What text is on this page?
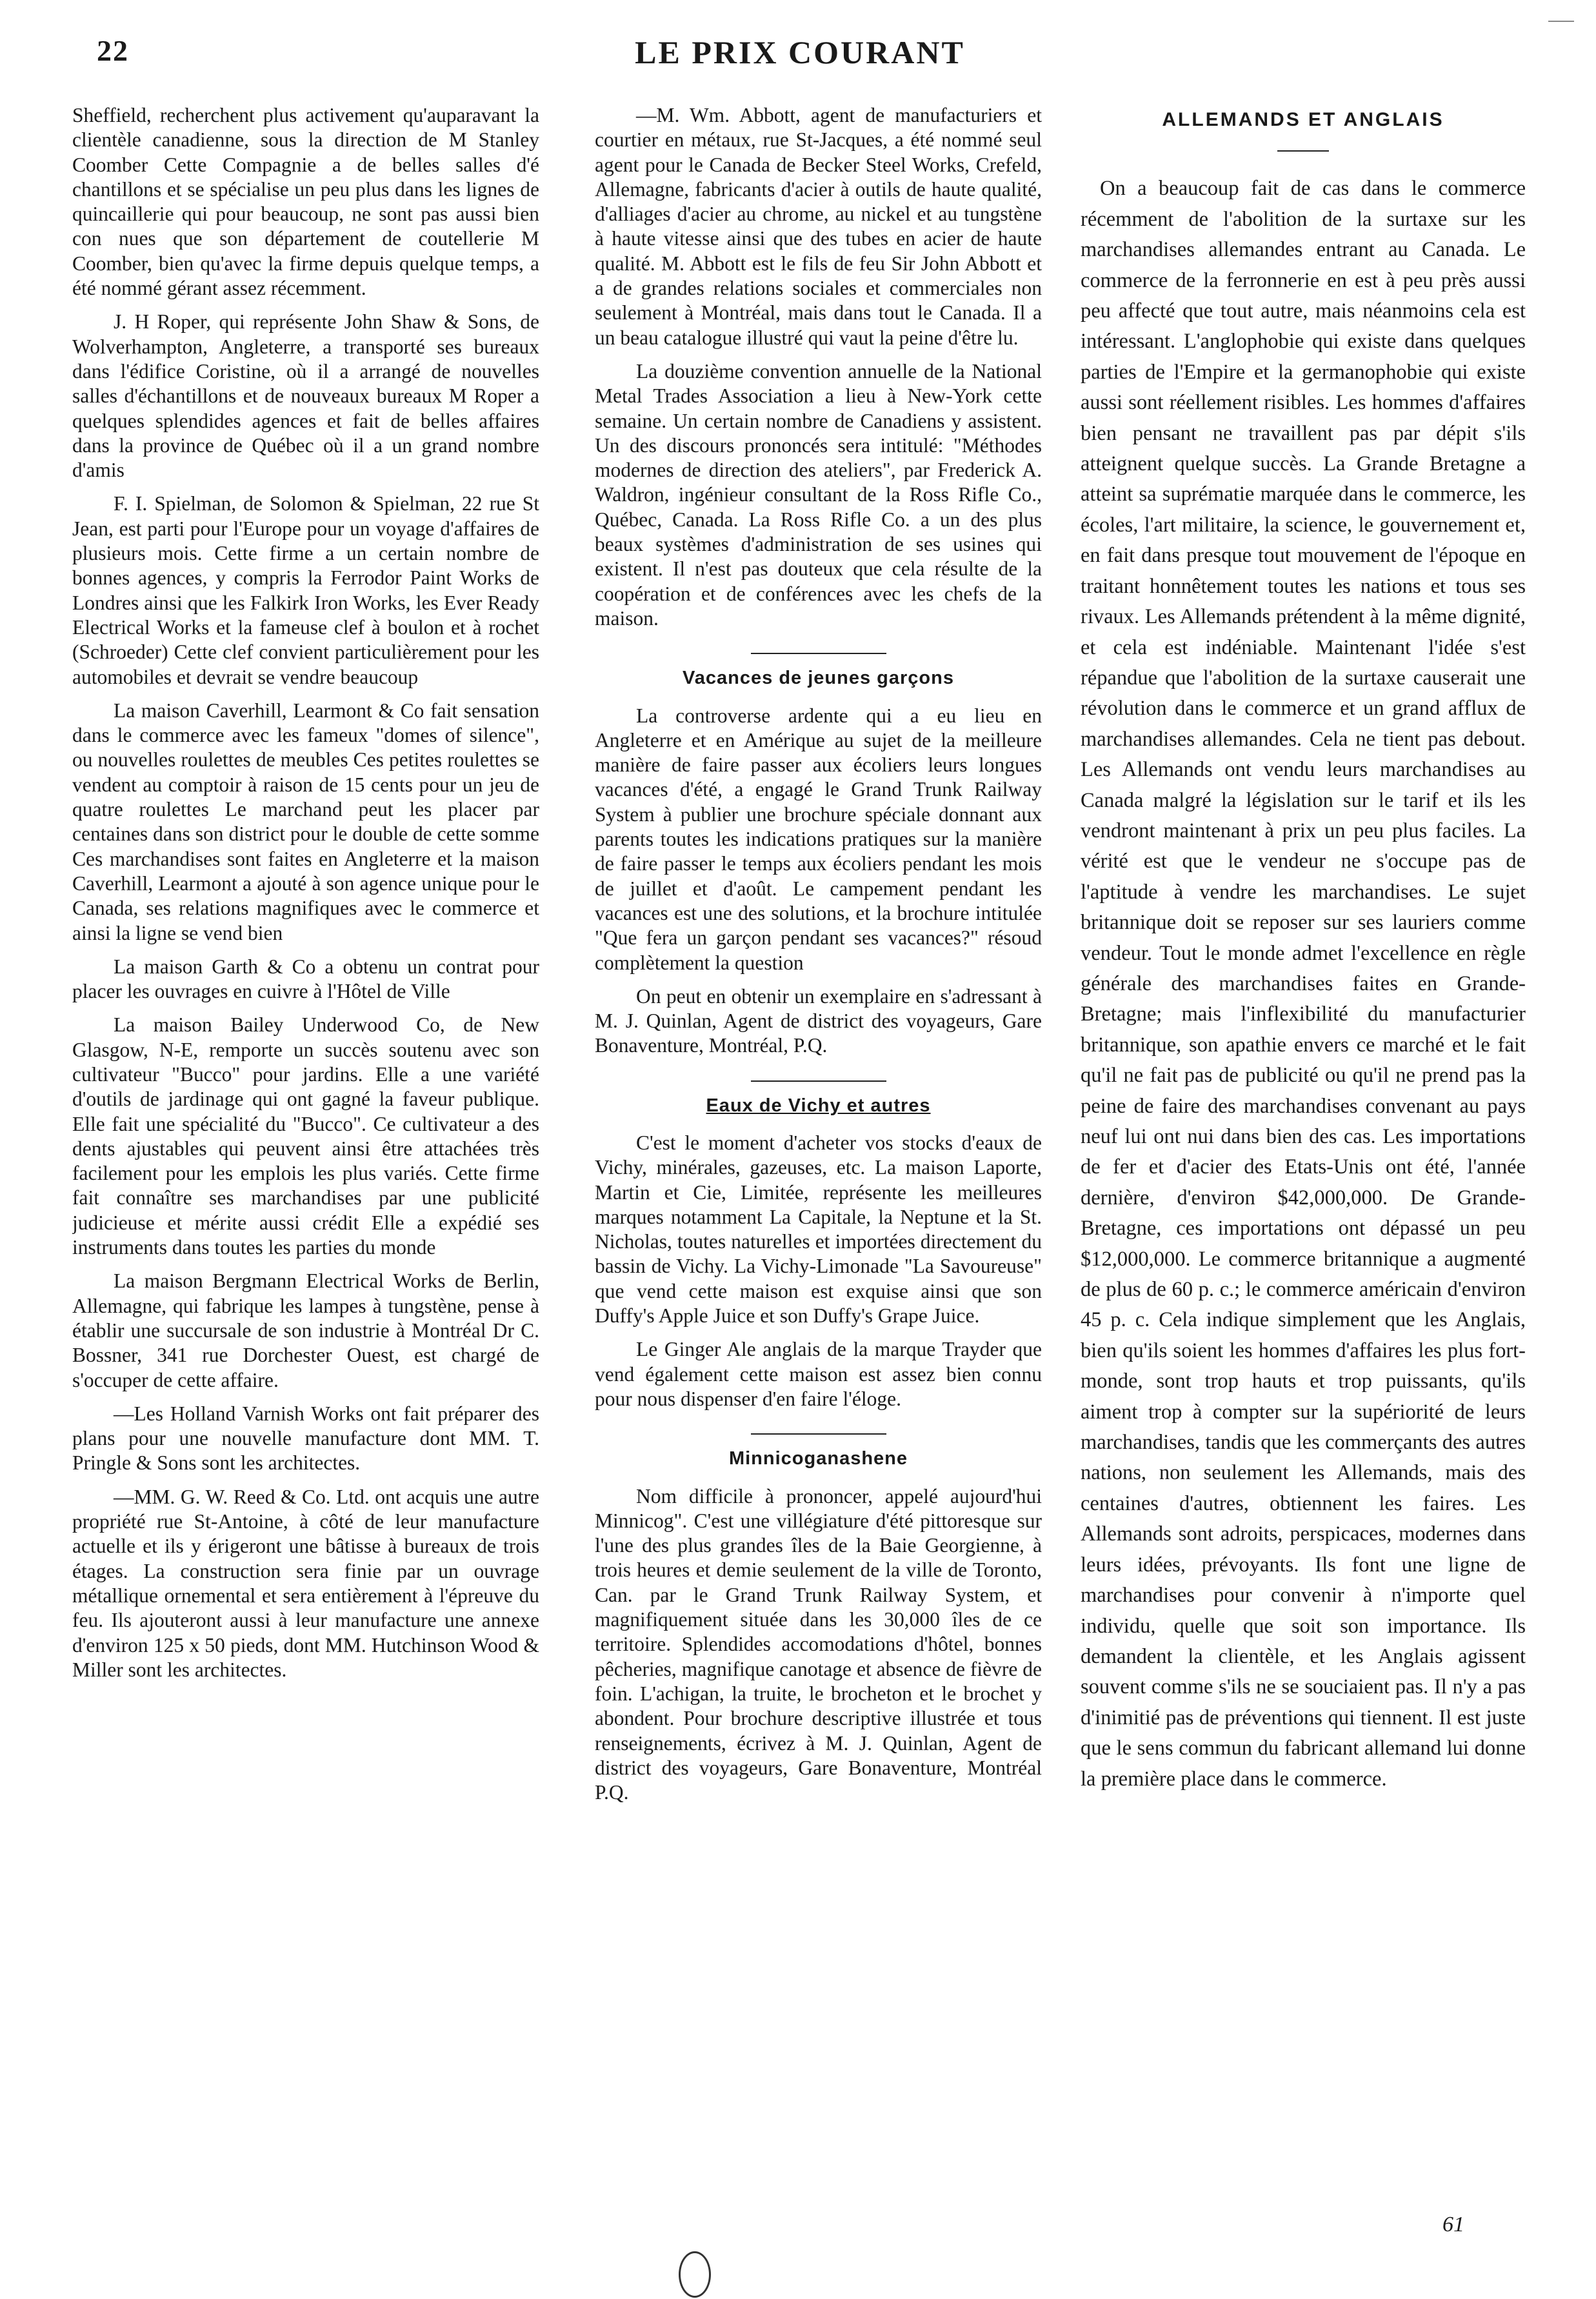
22	LE PRIX COURANT

Sheffield, recherchent plus activement qu'auparavant la clientèle canadienne, sous la direction de M Stanley Coomber Cette Compagnie a de belles salles d'é chantillons et se spécialise un peu plus dans les lignes de quincaillerie qui pour beaucoup, ne sont pas aussi bien con nues que son département de coutellerie M Coomber, bien qu'avec la firme depuis quelque temps, a été nommé gérant assez récemment.

J. H Roper, qui représente John Shaw & Sons, de Wolverhampton, Angleterre, a transporté ses bureaux dans l'édifice Coristine, où il a arrangé de nouvelles salles d'échantillons et de nouveaux bureaux M Roper a quelques splendides agences et fait de belles affaires dans la province de Québec où il a un grand nombre d'amis

F. I. Spielman, de Solomon & Spielman, 22 rue St Jean, est parti pour l'Europe pour un voyage d'affaires de plusieurs mois. Cette firme a un certain nombre de bonnes agences, y compris la Ferrodor Paint Works de Londres ainsi que les Falkirk Iron Works, les Ever Ready Electrical Works et la fameuse clef à boulon et à rochet (Schroeder) Cette clef convient particulièrement pour les automobiles et devrait se vendre beaucoup

La maison Caverhill, Learmont & Co fait sensation dans le commerce avec les fameux "domes of silence", ou nouvelles roulettes de meubles Ces petites roulettes se vendent au comptoir à raison de 15 cents pour un jeu de quatre roulettes Le marchand peut les placer par centaines dans son district pour le double de cette somme Ces marchandises sont faites en Angleterre et la maison Caverhill, Learmont a ajouté à son agence unique pour le Canada, ses relations magnifiques avec le commerce et ainsi la ligne se vend bien

La maison Garth & Co a obtenu un contrat pour placer les ouvrages en cuivre à l'Hôtel de Ville

La maison Bailey Underwood Co, de New Glasgow, N-E, remporte un succès soutenu avec son cultivateur "Bucco" pour jardins. Elle a une variété d'outils de jardinage qui ont gagné la faveur publique. Elle fait une spécialité du "Bucco". Ce cultivateur a des dents ajustables qui peuvent ainsi être attachées très facilement pour les emplois les plus variés. Cette firme fait connaître ses marchandises par une publicité judicieuse et mérite aussi crédit Elle a expédié ses instruments dans toutes les parties du monde

La maison Bergmann Electrical Works de Berlin, Allemagne, qui fabrique les lampes à tungstène, pense à établir une succursale de son industrie à Montréal Dr C. Bossner, 341 rue Dorchester Ouest, est chargé de s'occuper de cette affaire.

—Les Holland Varnish Works ont fait préparer des plans pour une nouvelle manufacture dont MM. T. Pringle & Sons sont les architectes.

—MM. G. W. Reed & Co. Ltd. ont acquis une autre propriété rue St-Antoine, à côté de leur manufacture actuelle et ils y érigeront une bâtisse à bureaux de trois étages. La construction sera finie par un ouvrage métallique ornemental et sera entièrement à l'épreuve du feu. Ils ajouteront aussi à leur manufacture une annexe d'environ 125 x 50 pieds, dont MM. Hutchinson Wood & Miller sont les architectes.

—M. Wm. Abbott, agent de manufacturiers et courtier en métaux, rue St-Jacques, a été nommé seul agent pour le Canada de Becker Steel Works, Crefeld, Allemagne, fabricants d'acier à outils de haute qualité, d'alliages d'acier au chrome, au nickel et au tungstène à haute vitesse ainsi que des tubes en acier de haute qualité. M. Abbott est le fils de feu Sir John Abbott et a de grandes relations sociales et commerciales non seulement à Montréal, mais dans tout le Canada. Il a un beau catalogue illustré qui vaut la peine d'être lu.

La douzième convention annuelle de la National Metal Trades Association a lieu à New-York cette semaine. Un certain nombre de Canadiens y assistent. Un des discours prononcés sera intitulé: "Méthodes modernes de direction des ateliers", par Frederick A. Waldron, ingénieur consultant de la Ross Rifle Co., Québec, Canada. La Ross Rifle Co. a un des plus beaux systèmes d'administration de ses usines qui existent. Il n'est pas douteux que cela résulte de la coopération et de conférences avec les chefs de la maison.

Vacances de jeunes garçons

La controverse ardente qui a eu lieu en Angleterre et en Amérique au sujet de la meilleure manière de faire passer aux écoliers leurs longues vacances d'été, a engagé le Grand Trunk Railway System à publier une brochure spéciale donnant aux parents toutes les indications pratiques sur la manière de faire passer le temps aux écoliers pendant les mois de juillet et d'août. Le campement pendant les vacances est une des solutions, et la brochure intitulée "Que fera un garçon pendant ses vacances?" résoud complètement la question

On peut en obtenir un exemplaire en s'adressant à M. J. Quinlan, Agent de district des voyageurs, Gare Bonaventure, Montréal, P.Q.

Eaux de Vichy et autres

C'est le moment d'acheter vos stocks d'eaux de Vichy, minérales, gazeuses, etc. La maison Laporte, Martin et Cie, Limitée, représente les meilleures marques notamment La Capitale, la Neptune et la St. Nicholas, toutes naturelles et importées directement du bassin de Vichy. La Vichy-Limonade "La Savoureuse" que vend cette maison est exquise ainsi que son Duffy's Apple Juice et son Duffy's Grape Juice.

Le Ginger Ale anglais de la marque Trayder que vend également cette maison est assez bien connu pour nous dispenser d'en faire l'éloge.

Minnicoganashene

Nom difficile à prononcer, appelé aujourd'hui Minnicog". C'est une villégiature d'été pittoresque sur l'une des plus grandes îles de la Baie Georgienne, à trois heures et demie seulement de la ville de Toronto, Can. par le Grand Trunk Railway System, et magnifiquement située dans les 30,000 îles de ce territoire. Splendides accomodations d'hôtel, bonnes pêcheries, magnifique canotage et absence de fièvre de foin. L'achigan, la truite, le brocheton et le brochet y abondent. Pour brochure descriptive illustrée et tous renseignements, écrivez à M. J. Quinlan, Agent de district des voyageurs, Gare Bonaventure, Montréal P.Q.

ALLEMANDS ET ANGLAIS

On a beaucoup fait de cas dans le commerce récemment de l'abolition de la surtaxe sur les marchandises allemandes entrant au Canada. Le commerce de la ferronnerie en est à peu près aussi peu affecté que tout autre, mais néanmoins cela est intéressant. L'anglophobie qui existe dans quelques parties de l'Empire et la germanophobie qui existe aussi sont réellement risibles. Les hommes d'affaires bien pensant ne travaillent pas par dépit s'ils atteignent quelque succès. La Grande Bretagne a atteint sa suprématie marquée dans le commerce, les écoles, l'art militaire, la science, le gouvernement et, en fait dans presque tout mouvement de l'époque en traitant honnêtement toutes les nations et tous ses rivaux. Les Allemands prétendent à la même dignité, et cela est indéniable. Maintenant l'idée s'est répandue que l'abolition de la surtaxe causerait une révolution dans le commerce et un grand afflux de marchandises allemandes. Cela ne tient pas debout. Les Allemands ont vendu leurs marchandises au Canada malgré la législation sur le tarif et ils les vendront maintenant à prix un peu plus faciles. La vérité est que le vendeur ne s'occupe pas de l'aptitude à vendre les marchandises. Le sujet britannique doit se reposer sur ses lauriers comme vendeur. Tout le monde admet l'excellence en règle générale des marchandises faites en Grande-Bretagne; mais l'inflexibilité du manufacturier britannique, son apathie envers ce marché et le fait qu'il ne fait pas de publicité ou qu'il ne prend pas la peine de faire des marchandises convenant au pays neuf lui ont nui dans bien des cas. Les importations de fer et d'acier des Etats-Unis ont été, l'année dernière, d'environ $42,000,000. De Grande-Bretagne, ces importations ont dépassé un peu $12,000,000. Le commerce britannique a augmenté de plus de 60 p. c.; le commerce américain d'environ 45 p. c. Cela indique simplement que les Anglais, bien qu'ils soient les hommes d'affaires les plus fort-monde, sont trop hauts et trop puissants, qu'ils aiment trop à compter sur la supériorité de leurs marchandises, tandis que les commerçants des autres nations, non seulement les Allemands, mais des centaines d'autres, obtiennent les faires. Les Allemands sont adroits, perspicaces, modernes dans leurs idées, prévoyants. Ils font une ligne de marchandises pour convenir à n'importe quel individu, quelle que soit son importance. Ils demandent la clientèle, et les Anglais agissent souvent comme s'ils ne se souciaient pas. Il n'y a pas d'inimitié pas de préventions qui tiennent. Il est juste que le sens commun du fabricant allemand lui donne la première place dans le commerce.

61
